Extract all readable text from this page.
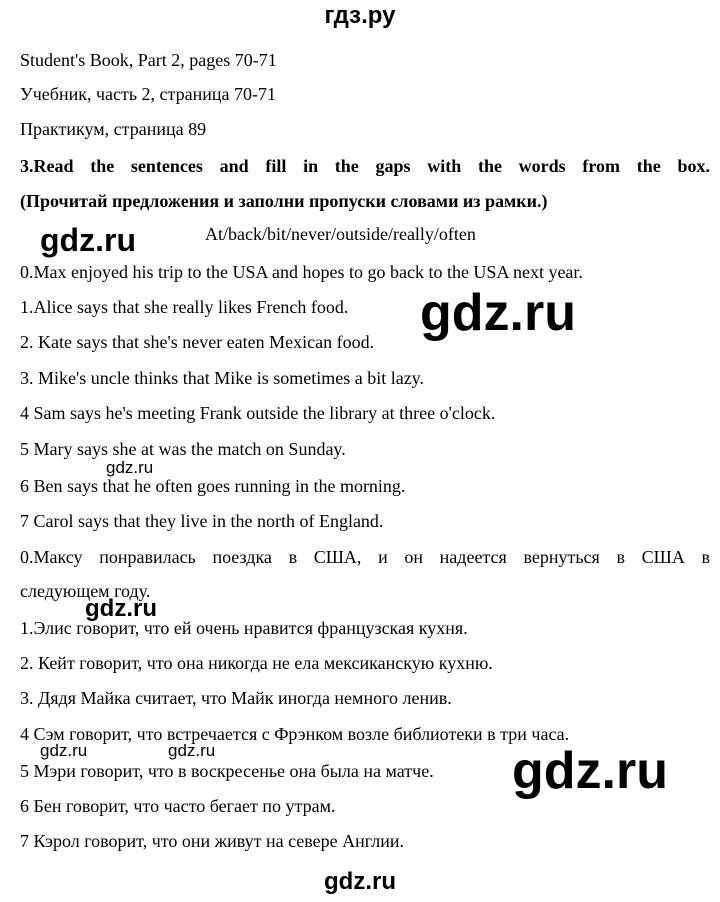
гдз.ру
Student's Book, Part 2, pages 70-71
Учебник, часть 2, страница 70-71
Практикум, страница 89
3.Read the sentences and fill in the gaps with the words from the box.
(Прочитай предложения и заполни пропуски словами из рамки.)
gdz.ru	At/back/bit/never/outside/really/often
0.Max enjoyed his trip to the USA and hopes to go back to the USA next year.
1.Alice says that she really likes French food.
2. Kate says that she's never eaten Mexican food.
3. Mike's uncle thinks that Mike is sometimes a bit lazy.
4 Sam says he's meeting Frank outside the library at three o'clock.
5 Mary says she at was the match on Sunday.
6 Ben says that he often goes running in the morning.
7 Carol says that they live in the north of England.
gdz.ru
gdz.ru
0.Максу понравилась поездка в США, и он надеется вернуться в США в
следующем году.
gdz.ru
1.Элис говорит, что ей очень нравится французская кухня.
2. Кейт говорит, что она никогда не ела мексиканскую кухню.
3. Дядя Майка считает, что Майк иногда немного ленив.
4 Сэм говорит, что встречается с Фрэнком возле библиотеки в три часа.
gdz.ru	gdz.ru
5 Мэри говорит, что в воскресенье она была на матче.
6 Бен говорит, что часто бегает по утрам.
7 Кэрол говорит, что они живут на севере Англии.
gdz.ru
gdz.ru
